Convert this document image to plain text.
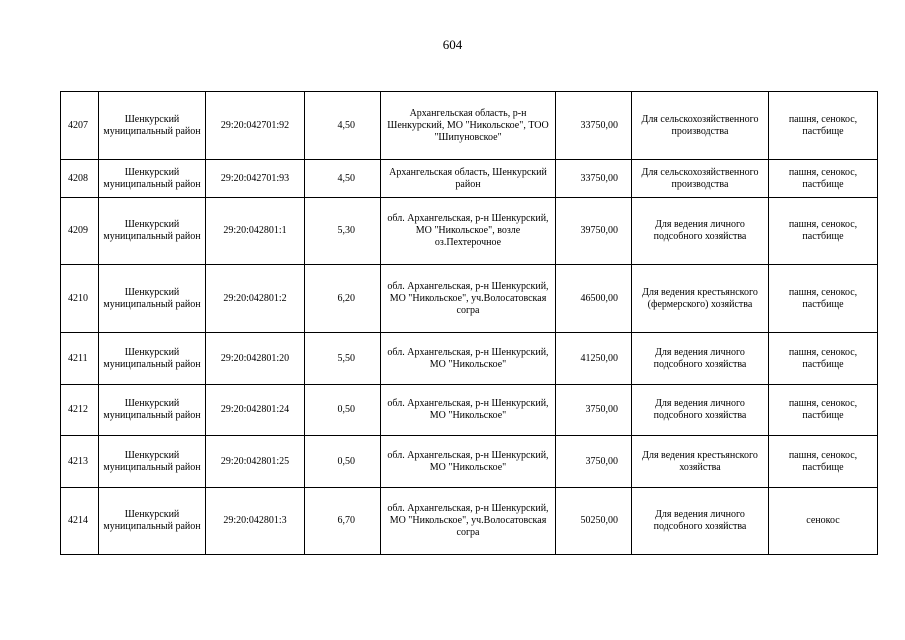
604
4207	Шенкурский муниципальный район	29:20:042701:92	4,50	Архангельская область, р-н Шенкурский, МО "Никольское", ТОО "Шипуновское"	33750,00	Для сельскохозяйственного производства	пашня, сенокос, пастбище
4208	Шенкурский муниципальный район	29:20:042701:93	4,50	Архангельская область, Шенкурский район	33750,00	Для сельскохозяйственного производства	пашня, сенокос, пастбище
4209	Шенкурский муниципальный район	29:20:042801:1	5,30	обл. Архангельская, р-н Шенкурский, МО "Никольское", возле оз.Пехтерочное	39750,00	Для ведения личного подсобного хозяйства	пашня, сенокос, пастбище
4210	Шенкурский муниципальный район	29:20:042801:2	6,20	обл. Архангельская, р-н Шенкурский, МО "Никольское", уч.Волосатовская согра	46500,00	Для ведения крестьянского (фермерского) хозяйства	пашня, сенокос, пастбище
4211	Шенкурский муниципальный район	29:20:042801:20	5,50	обл. Архангельская, р-н Шенкурский, МО "Никольское"	41250,00	Для ведения личного подсобного хозяйства	пашня, сенокос, пастбище
4212	Шенкурский муниципальный район	29:20:042801:24	0,50	обл. Архангельская, р-н Шенкурский, МО "Никольское"	3750,00	Для ведения личного подсобного хозяйства	пашня, сенокос, пастбище
4213	Шенкурский муниципальный район	29:20:042801:25	0,50	обл. Архангельская, р-н Шенкурский, МО "Никольское"	3750,00	Для ведения крестьянского хозяйства	пашня, сенокос, пастбище
4214	Шенкурский муниципальный район	29:20:042801:3	6,70	обл. Архангельская, р-н Шенкурский, МО "Никольское", уч.Волосатовская согра	50250,00	Для ведения личного подсобного хозяйства	сенокос
